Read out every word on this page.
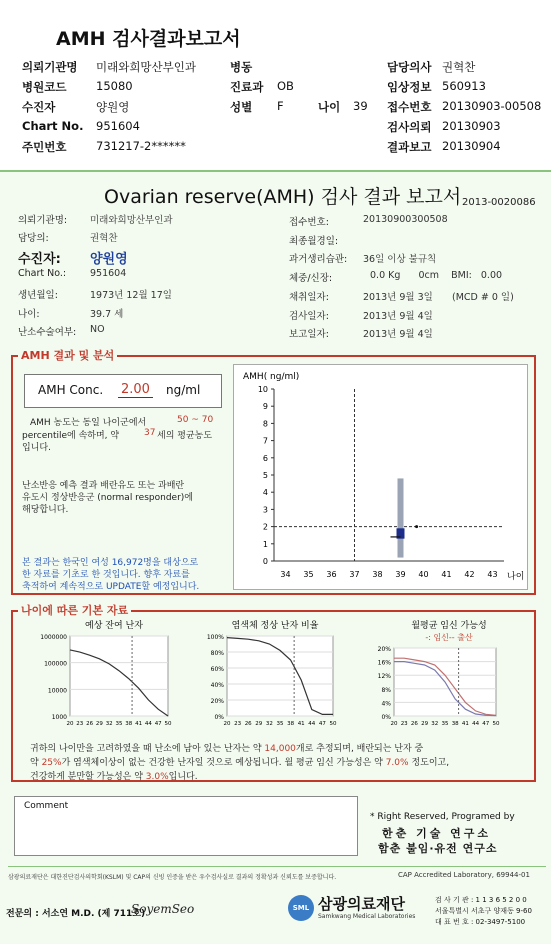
AMH 검사결과보고서
의뢰기관명 미래와희망산부인과
병원코드	15080
수진자	양원영
Chart No. 951604
주민번호	731217-2******
병동
진료과 OB
성별 F	나이 39
담당의사 권혁찬
임상정보 560913
접수번호 20130903-00508
검사의뢰 20130903
결과보고 20130904
Ovarian reserve(AMH) 검사 결과 보고서 2013-0020086
의뢰기관명: 미래와희망산부인과
담당의:	권혁찬
수진자: 양원영
Chart No.:	951604
생년월일:	1973년 12월 17일
나이:	39.7 세
난소수술여부: NO
접수번호:	20130900300508
최종월경일:
과거생리습관: 36일 이상 불규칙
체중/신장:	0.0 Kg      0cm    BMI:   0.00
채취일자:	2013년 9월 3일 (MCD # 0 일)
검사일자:	2013년 9월 4일
보고일자:	2013년 9월 4일
AMH 결과 및 분석
AMH Conc. 2.00 ng/ml
AMH 농도는 동일 나이군에서	50 ~ 70
percentile에 속하며, 약	37 세의 평균농도
입니다.
난소반응 예측 결과 배란유도 또는 과배란
유도시 정상반응군 (normal responder)에
해당합니다.
본 결과는 한국인 여성 16,972명을 대상으로
한 자료를 기초로 한 것입니다. 향후 자료를
축적하여 계속적으로 UPDATE할 예정입니다.
AMH( ng/ml)
0
1
2
3
4
5
6
7
8
9
10
34 35 36 37 38 39 40 41 42 43 나이
나이에 따른 기본 자료
예상 잔여 난자
1000000
100000
10000
1000
20 23 26 29 32 35 38 41 44 47 50
염색체 정상 난자 비율
100%
80%
60%
40%
20%
0%
20 23 26 29 32 35 38 41 44 47 50
월평균 임신 가능성
-: 임신-- 출산
20%
16%
12%
8%
4%
0%
20 23 26 29 32 35 38 41 44 47 50
귀하의 나이만을 고려하였을 때 난소에 남아 있는 난자는 약 14,000개로 추정되며, 배란되는 난자 중
약 25%가 염색체이상이 없는 건강한 난자일 것으로 예상됩니다. 월 평균 임신 가능성은 약 7.0% 정도이고,
건강하게 분만할 가능성은 약 3.0%입니다.
Comment
* Right Reserved, Programed by
한춘 기술 연구소
함춘 불임·유전 연구소
삼광의료재단은 대한진단검사의학회(KSLM) 및 CAP의 신빙 인증을 받은 우수검사실로 결과의 정확성과 신뢰도를 보증합니다.	CAP Accredited Laboratory, 69944-01
전문의 : 서소연 M.D. (제 711호)
SoyemSeo	SML 삼광의료재단
Samkwang Medical Laboratories
검 사 기 관 : 1 1 3 6 5 2 0 0
서울특별시 서초구 양재동 9-60
대 표 번 호 : 02-3497-5100
